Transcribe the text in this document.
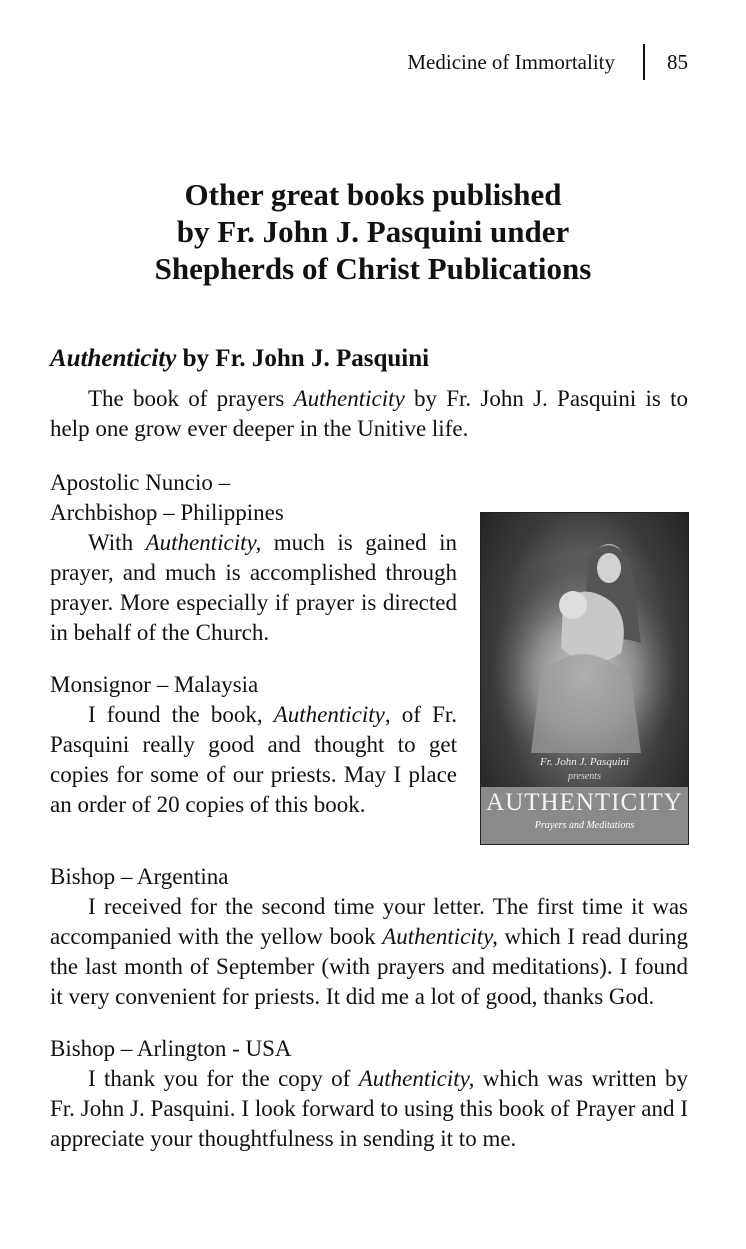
Medicine of Immortality 85
Other great books published
by Fr. John J. Pasquini under
Shepherds of Christ Publications
Authenticity by Fr. John J. Pasquini

The book of prayers Authenticity by Fr. John J. Pasquini is to help one grow ever deeper in the Unitive life.

Apostolic Nuncio –
Archbishop – Philippines

With Authenticity, much is gained in prayer, and much is accomplished through prayer. More especially if prayer is directed in behalf of the Church.

Monsignor – Malaysia

I found the book, Authenticity, of Fr. Pasquini really good and thought to get copies for some of our priests. May I place an order of 20 copies of this book.

Fr. John J. Pasquini
presents
AUTHENTICITY
Prayers and Meditations
Bishop – Argentina

I received for the second time your letter. The first time it was accompanied with the yellow book Authenticity, which I read during the last month of September (with prayers and meditations). I found it very convenient for priests. It did me a lot of good, thanks God.

Bishop – Arlington - USA

I thank you for the copy of Authenticity, which was written by Fr. John J. Pasquini. I look forward to using this book of Prayer and I appreciate your thoughtfulness in sending it to me.
